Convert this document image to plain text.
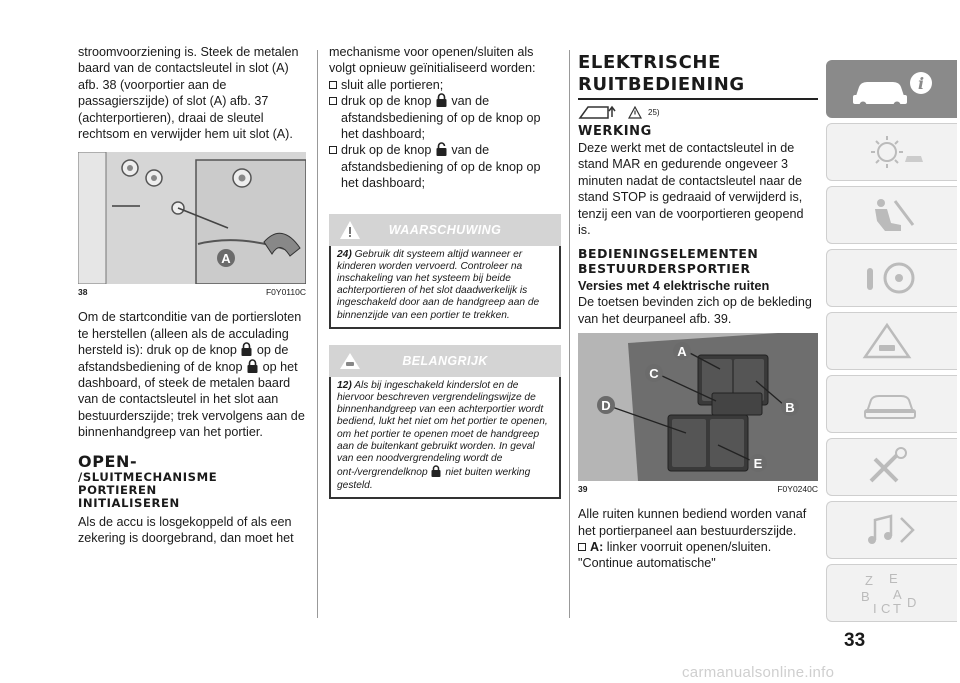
stroomvoorziening is. Steek de metalen baard van de contactsleutel in slot (A) afb. 38 (voorportier aan de passagierszijde) of slot (A) afb. 37 (achterportieren), draai de sleutel rechtsom en verwijder hem uit slot (A).

A
38	F0Y0110C

Om de startconditie van de portiersloten te herstellen (alleen als de acculading hersteld is): druk op de knop op de afstandsbediening of de knop op het dashboard, of steek de metalen baard van de contactsleutel in het slot aan bestuurderszijde; trek vervolgens aan de binnenhandgreep van het portier.

OPEN-
/SLUITMECHANISME
PORTIEREN
INITIALISEREN

Als de accu is losgekoppeld of als een zekering is doorgebrand, dan moet het

mechanisme voor openen/sluiten als volgt opnieuw geïnitialiseerd worden:

sluit alle portieren;
druk op de knop van de afstandsbediening of op de knop op het dashboard;
druk op de knop van de afstandsbediening of op de knop op het dashboard;
WAARSCHUWING
24) Gebruik dit systeem altijd wanneer er kinderen worden vervoerd. Controleer na inschakeling van het systeem bij beide achterportieren of het slot daadwerkelijk is ingeschakeld door aan de handgreep aan de binnenzijde van een portier te trekken.
BELANGRIJK
12) Als bij ingeschakeld kinderslot en de hiervoor beschreven vergrendelingswijze de binnenhandgreep van een achterportier wordt bediend, lukt het niet om het portier te openen, om het portier te openen moet de handgreep aan de buitenkant gebruikt worden. In geval van een noodvergrendeling wordt de ont-/vergrendelknop niet buiten werking gesteld.
ELEKTRISCHE
RUITBEDIENING
25)
WERKING

Deze werkt met de contactsleutel in de stand MAR en gedurende ongeveer 3 minuten nadat de contactsleutel naar de stand STOP is gedraaid of verwijderd is, tenzij een van de voorportieren geopend is.

BEDIENINGSELEMENTEN
BESTUURDERSPORTIER
Versies met 4 elektrische ruiten

De toetsen bevinden zich op de bekleding van het deurpaneel afb. 39.

A
C
D	B
E
39	F0Y0240C

Alle ruiten kunnen bediend worden vanaf het portierpaneel aan bestuurderszijde.

A: linker voorruit openen/sluiten.

"Continue automatische"

i
Z E B A I C T D
33
carmanualsonline.info
